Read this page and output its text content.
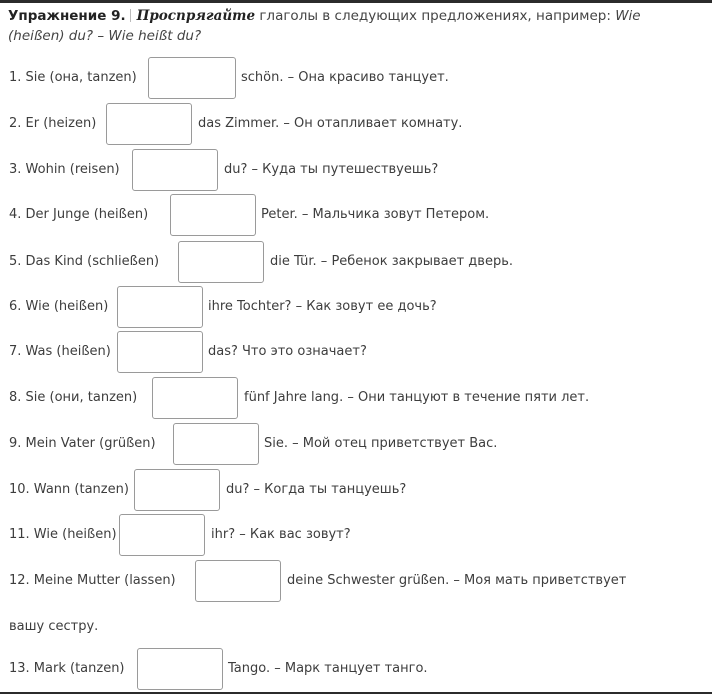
Упражнение 9. Проспрягайте глаголы в следующих предложениях, например: Wie
(heißen) du? – Wie heißt du?
1. Sie (она, tanzen)	schön. – Она красиво танцует.
2. Er (heizen)	das Zimmer. – Он отапливает комнату.
3. Wohin (reisen)	du? – Куда ты путешествуешь?
4. Der Junge (heißen)	Peter. – Мальчика зовут Петером.
5. Das Kind (schließen)	die Tür. – Ребенок закрывает дверь.
6. Wie (heißen)	ihre Tochter? – Как зовут ее дочь?
7. Was (heißen)	das? Что это означает?
8. Sie (они, tanzen)	fünf Jahre lang. – Они танцуют в течение пяти лет.
9. Mein Vater (grüßen)	Sie. – Мой отец приветствует Вас.
10. Wann (tanzen)	du? – Когда ты танцуешь?
11. Wie (heißen)	ihr? – Как вас зовут?
12. Meine Mutter (lassen)	deine Schwester grüßen. – Моя мать приветствует
вашу сестру.
13. Mark (tanzen)	Tango. – Марк танцует танго.
